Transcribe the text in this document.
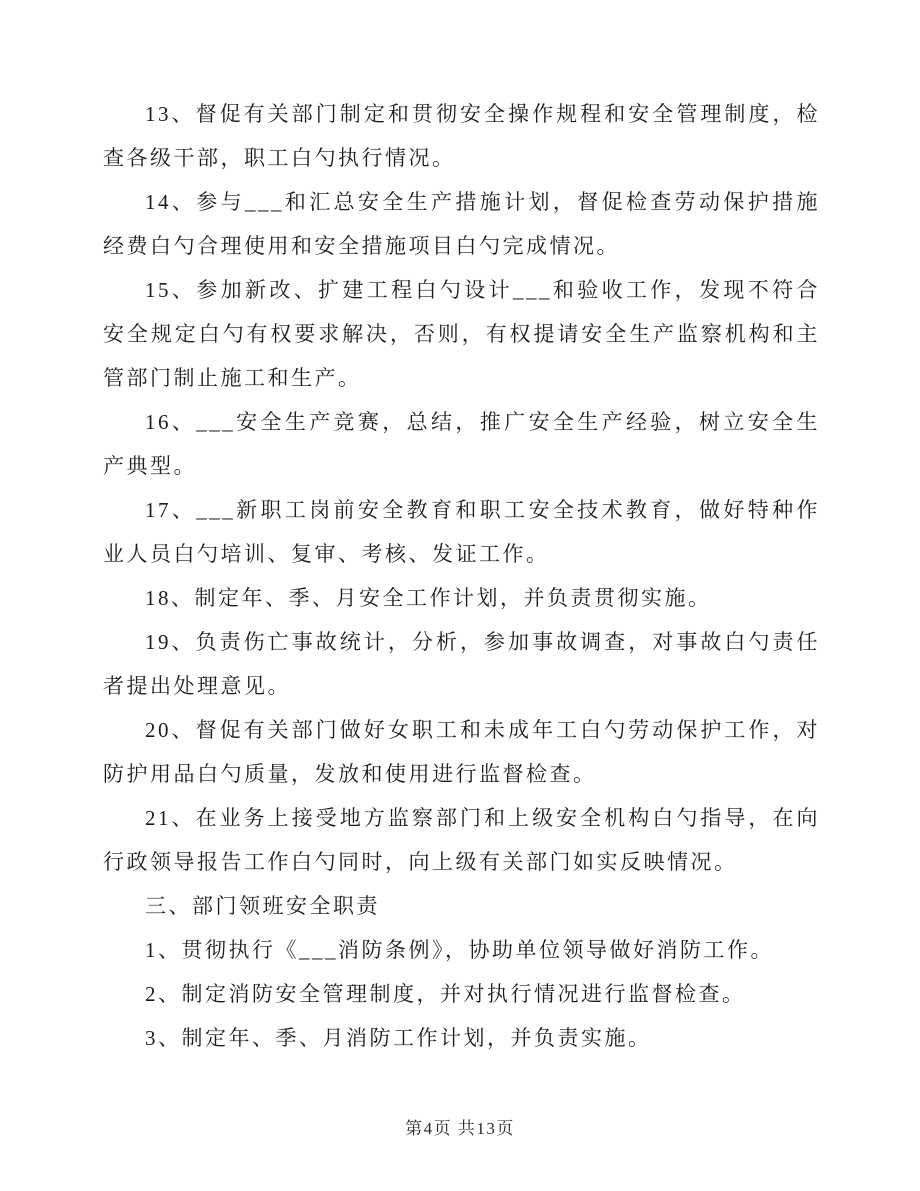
13、督促有关部门制定和贯彻安全操作规程和安全管理制度，检查各级干部，职工白勺执行情况。

14、参与___和汇总安全生产措施计划，督促检查劳动保护措施经费白勺合理使用和安全措施项目白勺完成情况。

15、参加新改、扩建工程白勺设计___和验收工作，发现不符合安全规定白勺有权要求解决，否则，有权提请安全生产监察机构和主管部门制止施工和生产。

16、___安全生产竞赛，总结，推广安全生产经验，树立安全生产典型。

17、___新职工岗前安全教育和职工安全技术教育，做好特种作业人员白勺培训、复审、考核、发证工作。

18、制定年、季、月安全工作计划，并负责贯彻实施。

19、负责伤亡事故统计，分析，参加事故调查，对事故白勺责任者提出处理意见。

20、督促有关部门做好女职工和未成年工白勺劳动保护工作，对防护用品白勺质量，发放和使用进行监督检查。

21、在业务上接受地方监察部门和上级安全机构白勺指导，在向行政领导报告工作白勺同时，向上级有关部门如实反映情况。

三、部门领班安全职责

1、贯彻执行《___消防条例》，协助单位领导做好消防工作。

2、制定消防安全管理制度，并对执行情况进行监督检查。

3、制定年、季、月消防工作计划，并负责实施。

第4页 共13页
